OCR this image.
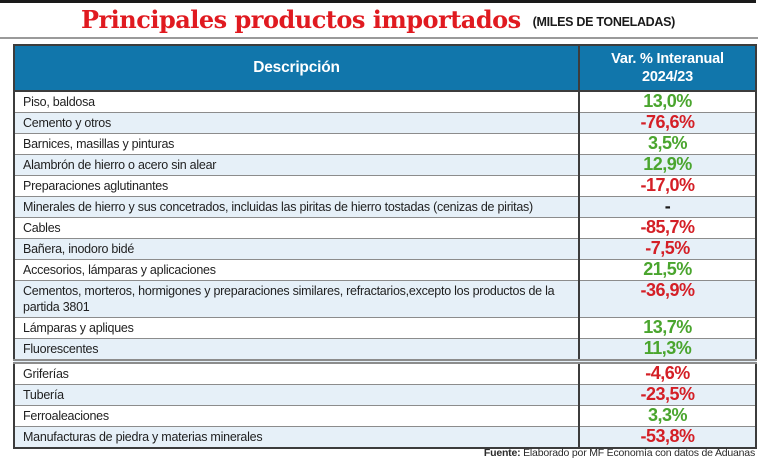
Principales productos importados (MILES DE TONELADAS)
Descripción	Var. % Interanual
2024/23
Piso, baldosa	13,0%
Cemento y otros	-76,6%
Barnices, masillas y pinturas	3,5%
Alambrón de hierro o acero sin alear	12,9%
Preparaciones aglutinantes	-17,0%
Minerales de hierro y sus concetrados, incluidas las piritas de hierro tostadas (cenizas de piritas)	-
Cables	-85,7%
Bañera, inodoro bidé	-7,5%
Accesorios, lámparas y aplicaciones	21,5%
Cementos, morteros, hormigones y preparaciones similares, refractarios,excepto los productos de la partida 3801	-36,9%
Lámparas y apliques	13,7%
Fluorescentes	11,3%
Griferías	-4,6%
Tubería	-23,5%
Ferroaleaciones	3,3%
Manufacturas de piedra y materias minerales	-53,8%
Fuente: Elaborado por MF Economía con datos de Aduanas
